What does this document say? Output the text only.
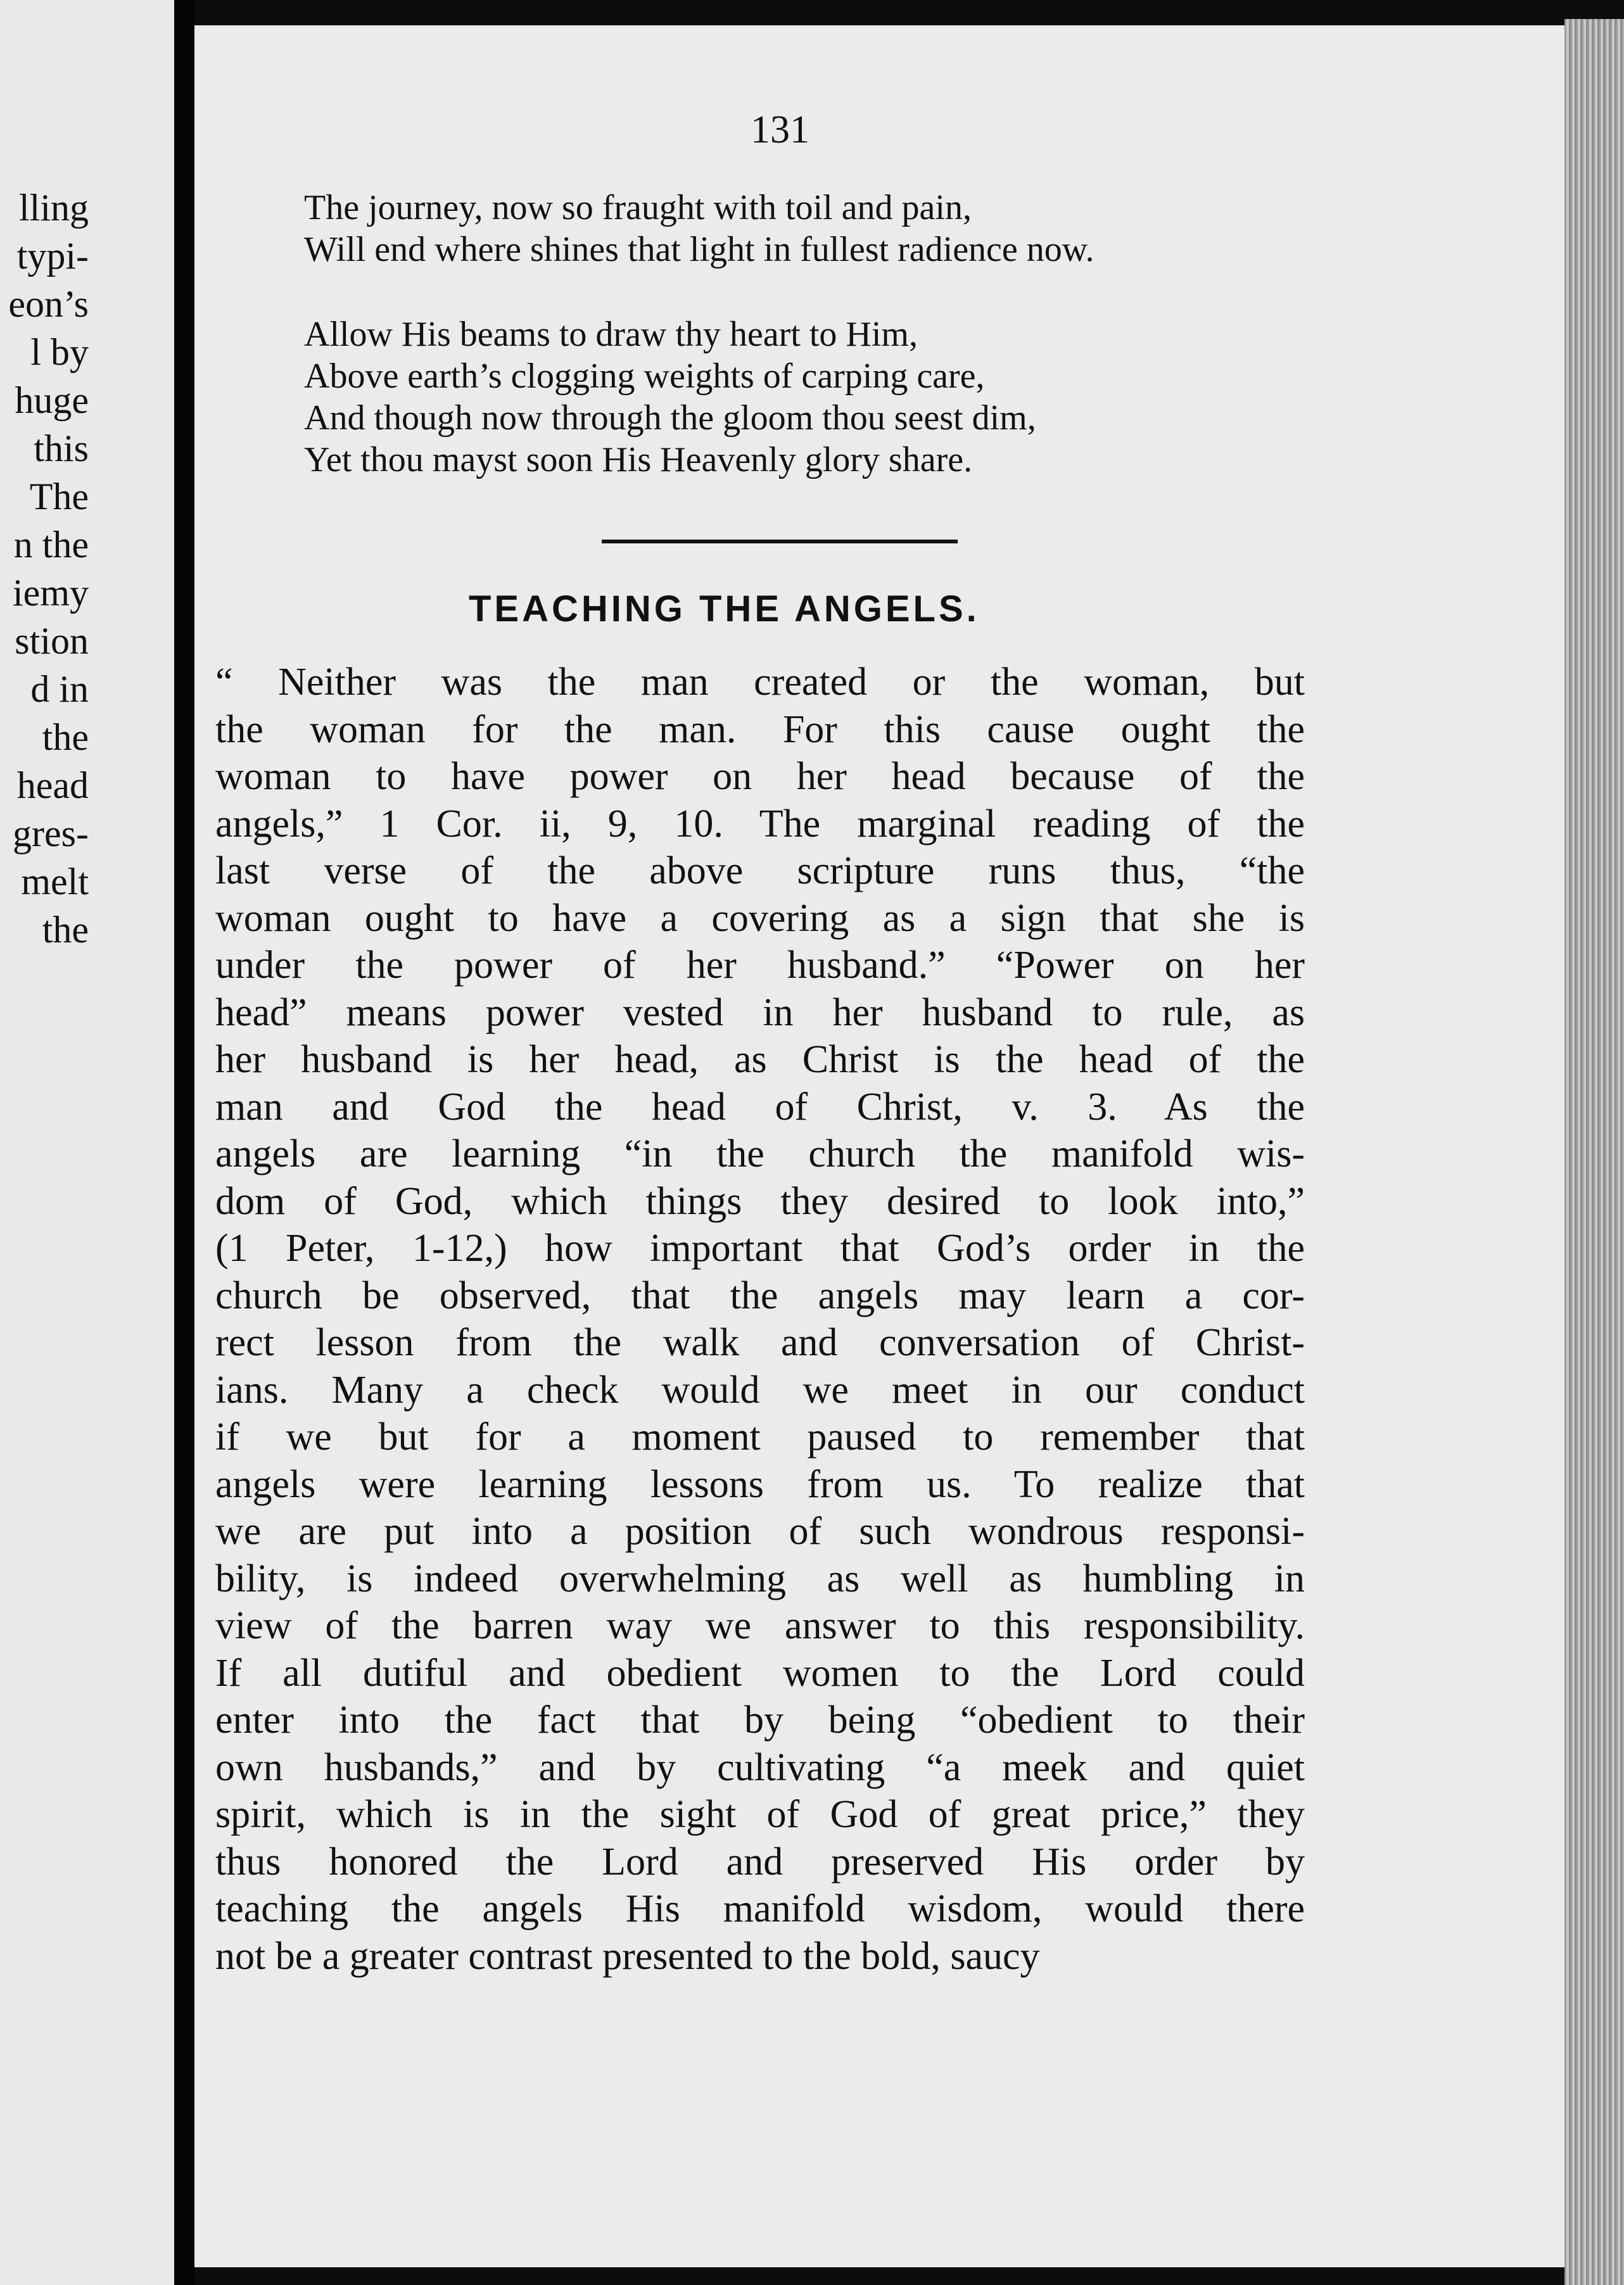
lling
typi-
eon’s
l by
huge
this
The
n the
iemy
stion
d in
the
head
gres-
melt
the
131
The journey, now so fraught with toil and pain,
Will end where shines that light in fullest radience now.
Allow His beams to draw thy heart to Him,
Above earth’s clogging weights of carping care,
And though now through the gloom thou seest dim,
Yet thou mayst soon His Heavenly glory share.
TEACHING THE ANGELS.
“ Neither was the man created or the woman, but
the woman for the man. For this cause ought the
woman to have power on her head because of the
angels,” 1 Cor. ii, 9, 10. The marginal reading of the
last verse of the above scripture runs thus, “the
woman ought to have a covering as a sign that she is
under the power of her husband.” “Power on her
head” means power vested in her husband to rule, as
her husband is her head, as Christ is the head of the
man and God the head of Christ, v. 3. As the
angels are learning “in the church the manifold wis-
dom of God, which things they desired to look into,”
(1 Peter, 1-12,) how important that God’s order in the
church be observed, that the angels may learn a cor-
rect lesson from the walk and conversation of Christ-
ians. Many a check would we meet in our conduct
if we but for a moment paused to remember that
angels were learning lessons from us. To realize that
we are put into a position of such wondrous responsi-
bility, is indeed overwhelming as well as humbling in
view of the barren way we answer to this responsibility.
If all dutiful and obedient women to the Lord could
enter into the fact that by being “obedient to their
own husbands,” and by cultivating “a meek and quiet
spirit, which is in the sight of God of great price,” they
thus honored the Lord and preserved His order by
teaching the angels His manifold wisdom, would there
not be a greater contrast presented to the bold, saucy
